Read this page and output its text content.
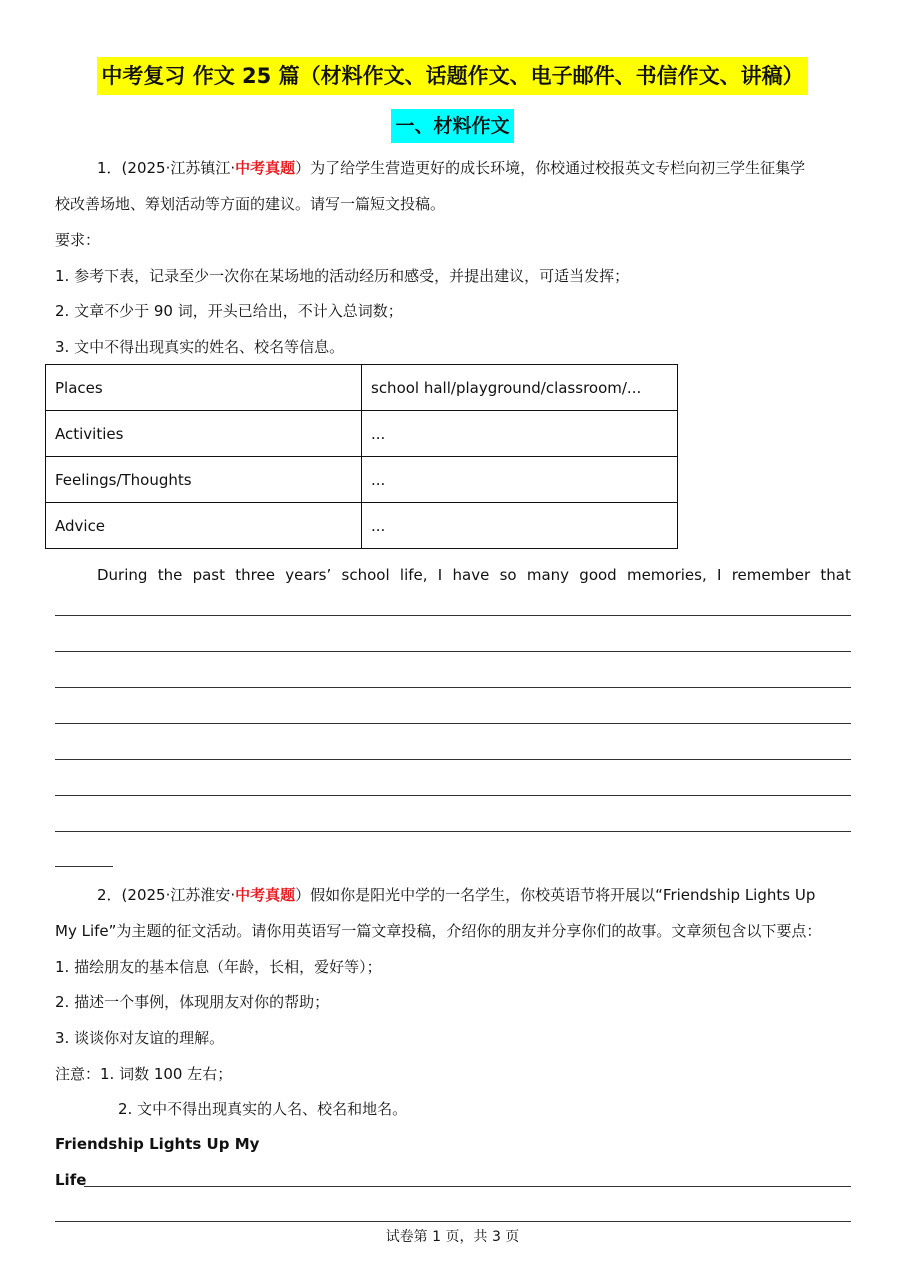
中考复习 作文 25 篇（材料作文、话题作文、电子邮件、书信作文、讲稿）
一、材料作文
1．(2025·江苏镇江·中考真题）为了给学生营造更好的成长环境，你校通过校报英文专栏向初三学生征集学
校改善场地、筹划活动等方面的建议。请写一篇短文投稿。
要求：
1. 参考下表，记录至少一次你在某场地的活动经历和感受，并提出建议，可适当发挥；
2. 文章不少于 90 词，开头已给出，不计入总词数；
3. 文中不得出现真实的姓名、校名等信息。
Places	school hall/playground/classroom/...
Activities	...
Feelings/Thoughts	...
Advice	...
During the past three years’ school life, I have so many good memories, I remember that
2．(2025·江苏淮安·中考真题）假如你是阳光中学的一名学生，你校英语节将开展以“Friendship Lights Up
My Life”为主题的征文活动。请你用英语写一篇文章投稿，介绍你的朋友并分享你们的故事。文章须包含以下要点：
1. 描绘朋友的基本信息（年龄，长相，爱好等）；
2. 描述一个事例，体现朋友对你的帮助；
3. 谈谈你对友谊的理解。
注意：1. 词数 100 左右；
2. 文中不得出现真实的人名、校名和地名。
Friendship Lights Up My
Life
试卷第 1 页，共 3 页
